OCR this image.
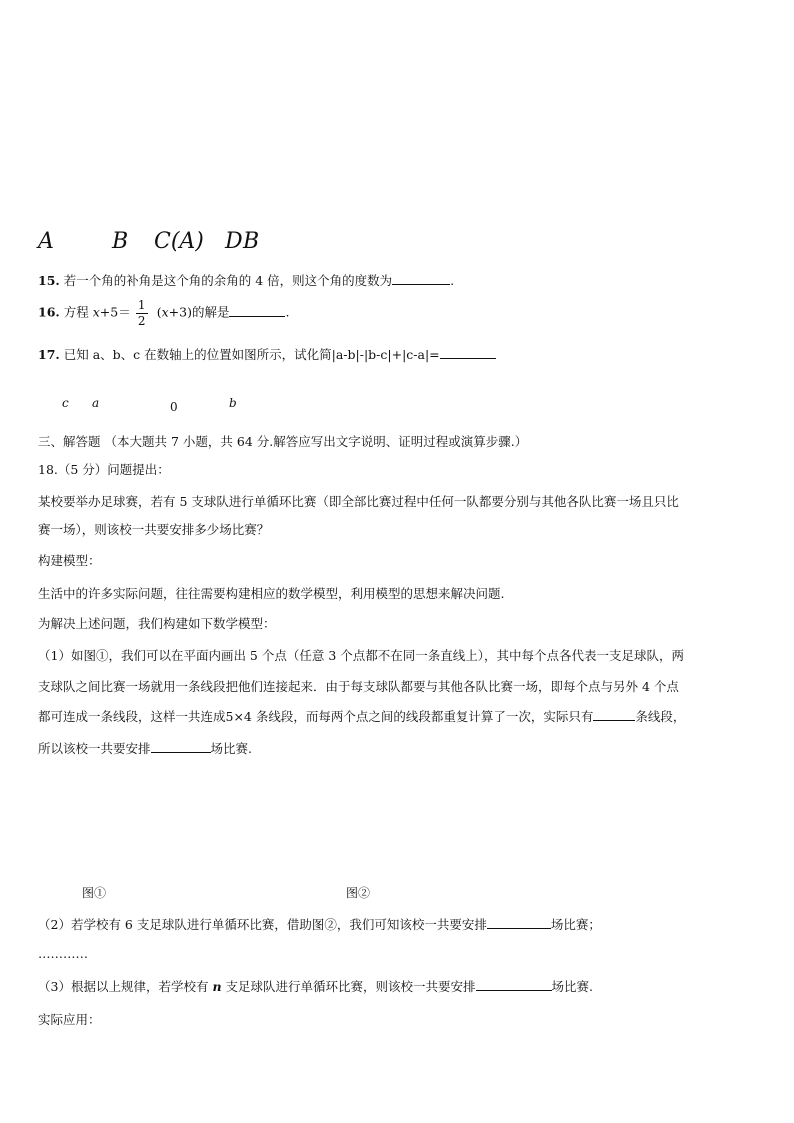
A	B C(A) D B
15. 若一个角的补角是这个角的余角的 4 倍，则这个角的度数为	.
16. 方程 $x+5= \frac{1}{2} (x+3)$的解是	.
17. 已知 a、b、c 在数轴上的位置如图所示，试化简|a-b|-|b-c|+|c-a|=
c a	0	b
三、解答题 （本大题共 7 小题，共 64 分.解答应写出文字说明、证明过程或演算步骤.）
18.（5 分）问题提出：
某校要举办足球赛，若有 5 支球队进行单循环比赛（即全部比赛过程中任何一队都要分别与其他各队比赛一场且只比
赛一场），则该校一共要安排多少场比赛？
构建模型：
生活中的许多实际问题，往往需要构建相应的数学模型，利用模型的思想来解决问题.
为解决上述问题，我们构建如下数学模型：
（1）如图①，我们可以在平面内画出 5 个点（任意 3 个点都不在同一条直线上），其中每个点各代表一支足球队，两
支球队之间比赛一场就用一条线段把他们连接起来．由于每支球队都要与其他各队比赛一场，即每个点与另外 4 个点
都可连成一条线段，这样一共连成5×4 条线段，而每两个点之间的线段都重复计算了一次，实际只有	条线段，
所以该校一共要安排	场比赛.
图①	图②
（2）若学校有 6 支足球队进行单循环比赛，借助图②，我们可知该校一共要安排	场比赛；
…………
（3）根据以上规律，若学校有 n 支足球队进行单循环比赛，则该校一共要安排	场比赛.
实际应用：
